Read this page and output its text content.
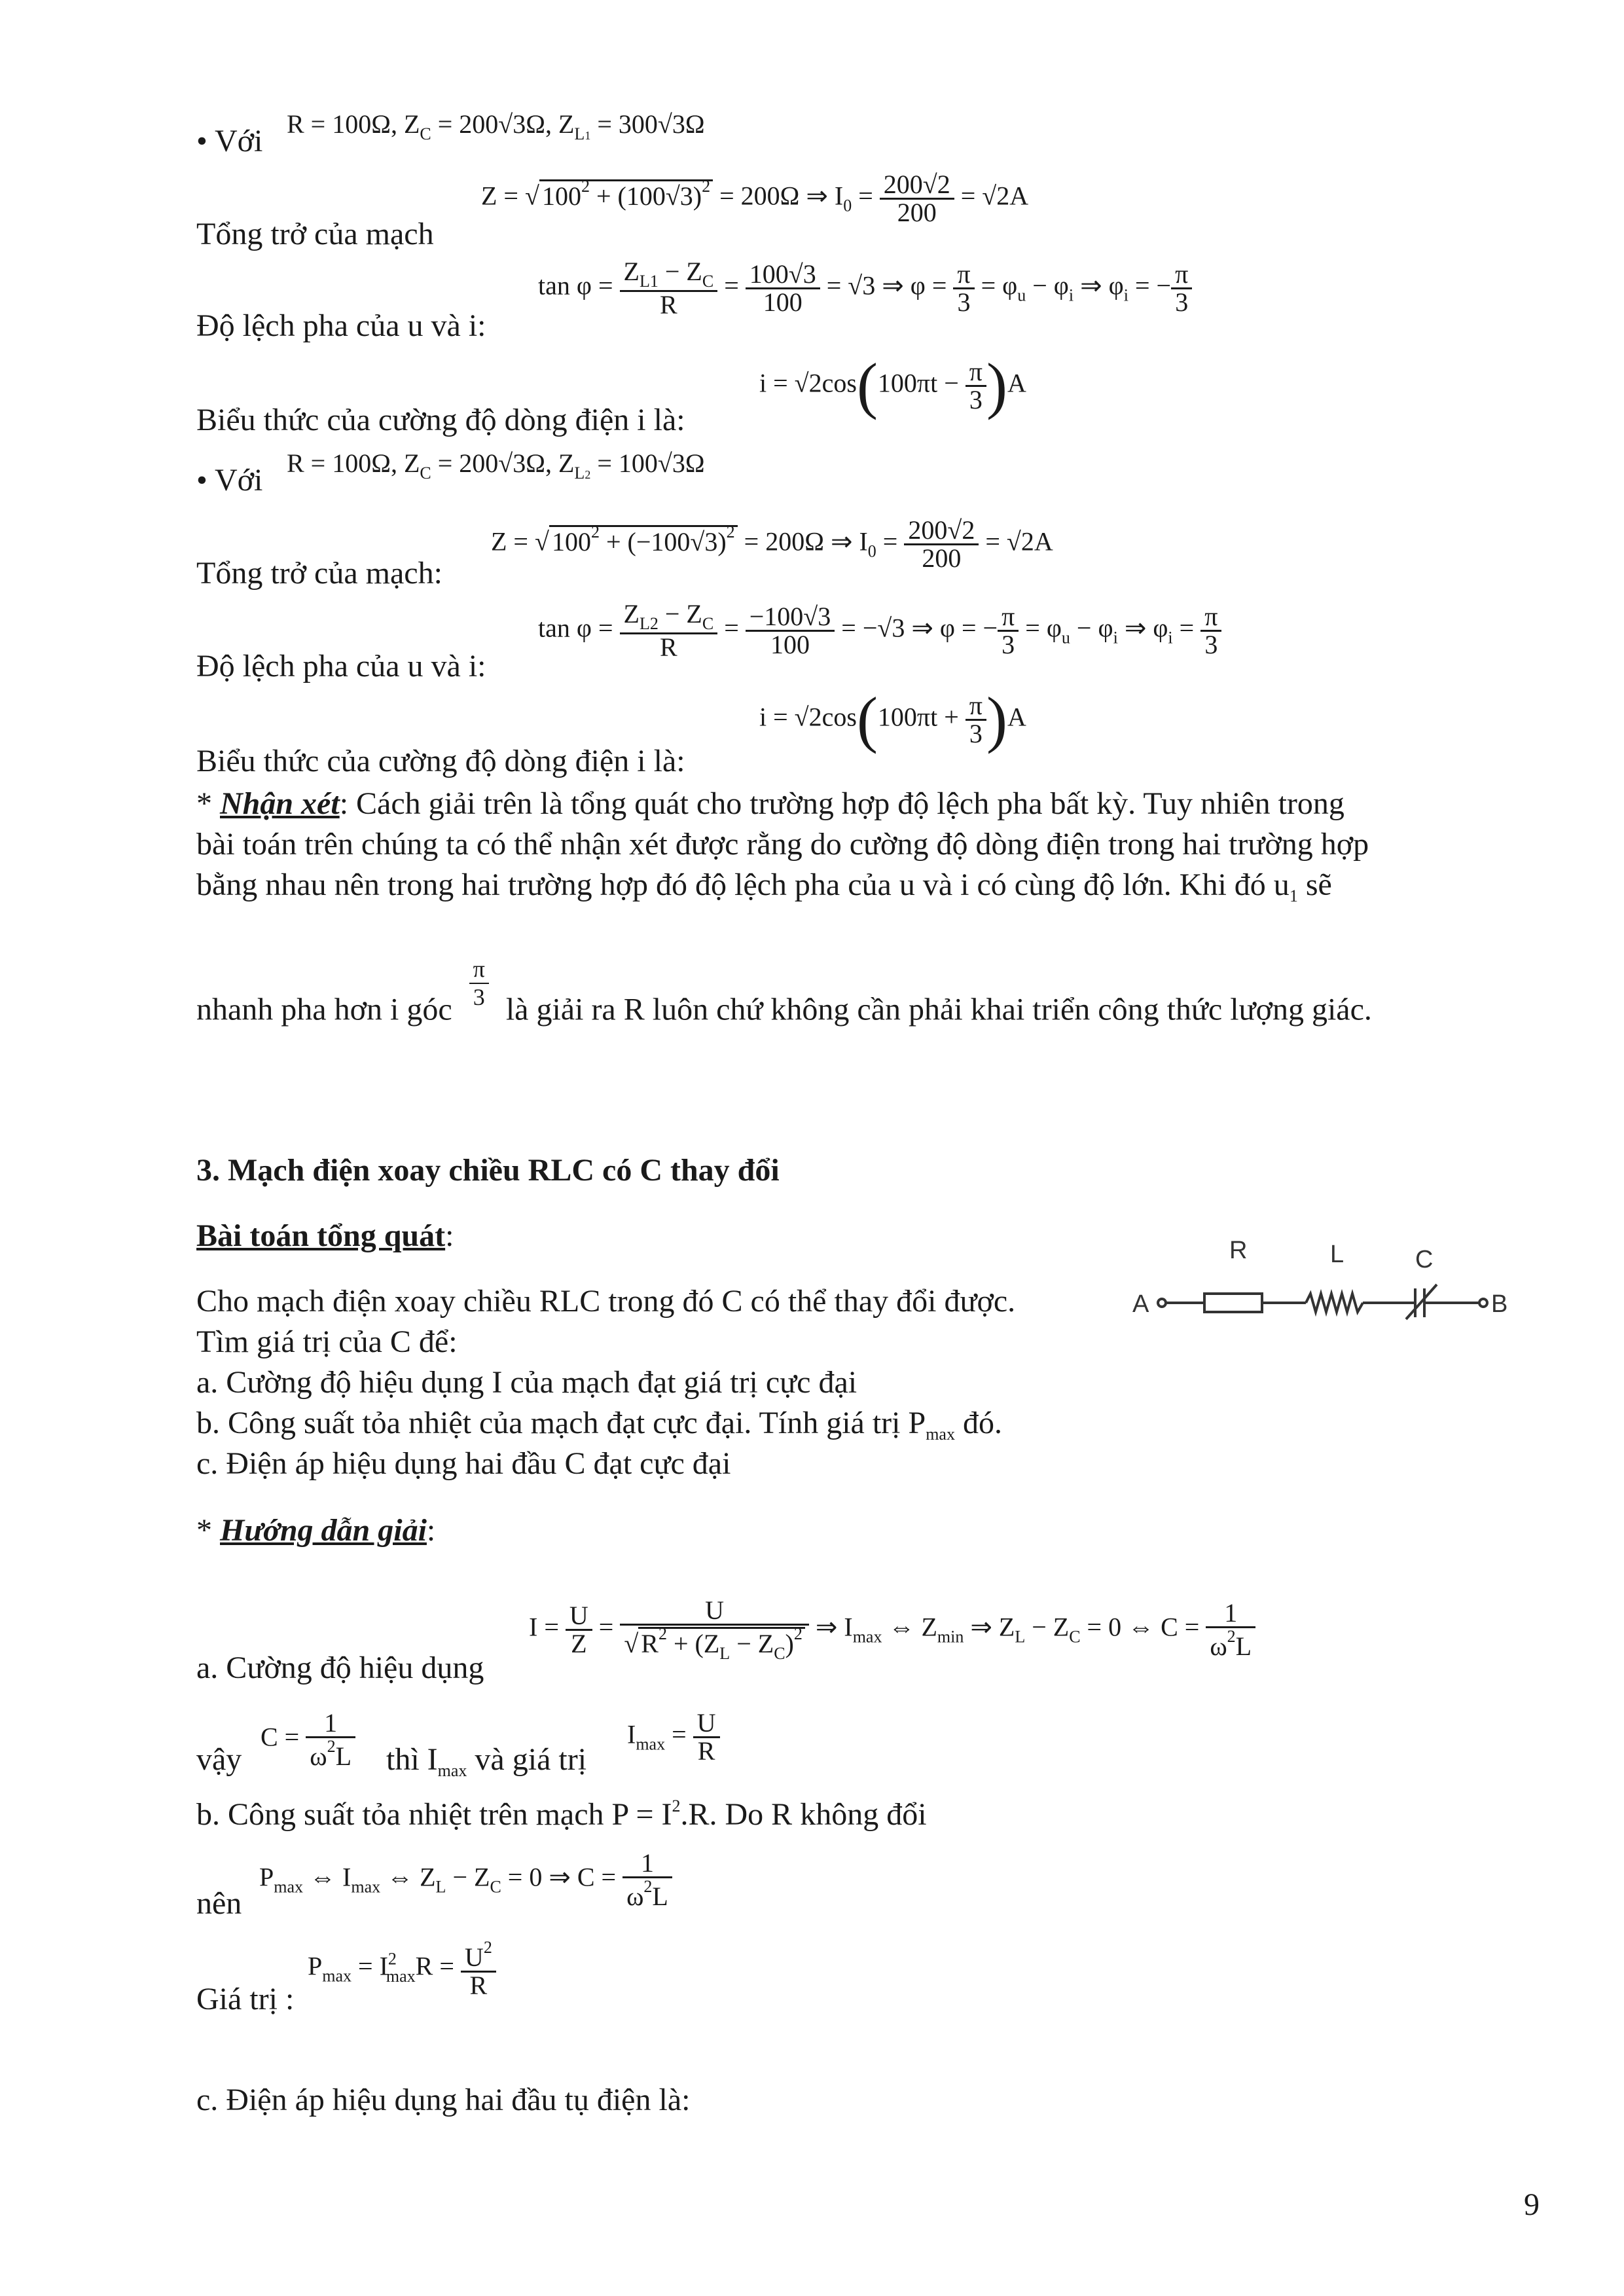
• Với R = 100Ω, $Z_C = 200√3\Omega$, $Z_{L1} = 300√3\Omega$
Tổng trở của mạch
Z = √ $100^2 + (100√3)^2 = 200\Omega$ ⇒ $I_0 = \frac{200√2}{200} = √2A$
Độ lệch pha của u và i:
$\tan \varphi = \frac{Z_{L1} - Z_C}{R} = \frac{100√3}{100} = √3$ ⇒ $\varphi = \frac{\pi}{3} = \varphi_u - \varphi_i$ ⇒ $\varphi_i$ = − $\frac{\pi}{3}$
Biểu thức của cường độ dòng điện i là:
$i = √2\cos(100\pi t - \frac{\pi}{3} )A$
• Với R = 100Ω, $Z_C = 200√3\Omega$, $Z_{L2} = 100√3\Omega$
Tổng trở của mạch:
Z = √ $100^2 + (-100√3)^2 = 200\Omega$ ⇒ $I_0 = \frac{200√2}{200} = √2A$
Độ lệch pha của u và i:
$\tan \varphi = \frac{Z_{L2} - Z_C}{R} = \frac{-100√3}{100} = -√3$ ⇒ φ = − $\frac{\pi}{3} = \varphi_u - \varphi_i$ ⇒ $\varphi_i = \frac{\pi}{3}$
Biểu thức của cường độ dòng điện i là:
$i = √2\cos(100\pi t + \frac{\pi}{3} )A$
* Nhận xét: Cách giải trên là tổng quát cho trường hợp độ lệch pha bất kỳ. Tuy nhiên trong
bài toán trên chúng ta có thể nhận xét được rằng do cường độ dòng điện trong hai trường hợp
bằng nhau nên trong hai trường hợp đó độ lệch pha của u và i có cùng độ lớn. Khi đó $u_1$ sẽ
nhanh pha hơn i góc $\frac{\pi}{3}$ là giải ra R luôn chứ không cần phải khai triển công thức lượng giác.
3. Mạch điện xoay chiều RLC có C thay đổi
Bài toán tổng quát:
Cho mạch điện xoay chiều RLC trong đó C có thể thay đổi được.
Tìm giá trị của C để:
a. Cường độ hiệu dụng I của mạch đạt giá trị cực đại
b. Công suất tỏa nhiệt của mạch đạt cực đại. Tính giá trị $P_{max}$ đó.
c. Điện áp hiệu dụng hai đầu C đạt cực đại
R	L	C
A	B
* Hướng dẫn giải:
a. Cường độ hiệu dụng
$I = \frac{U}{Z} = \frac{U}{√ R^2 + (Z_L - Z_C)^2}$ ⇒ $I_{max}$ ⇔ $Z_{min}$ ⇒ $Z_L - Z_C = 0$ ⇔ $C = \frac{1}{\omega^2L}$
vậy
$C = \frac{1}{\omega^2L}$ thì $I_{max}$ và giá trị
$I_{max} = \frac{U}{R}$
b. Công suất tỏa nhiệt trên mạch $P = I^2.R$. Do R không đổi
nên
$P_{max}$ ⇔ $I_{max}$ ⇔ $Z_L - Z_C = 0$ ⇒ $C = \frac{1}{\omega^2L}$
Giá trị :
$P_{max} = I^2_{max}R = \frac{U^2}{R}$
c. Điện áp hiệu dụng hai đầu tụ điện là:
9
